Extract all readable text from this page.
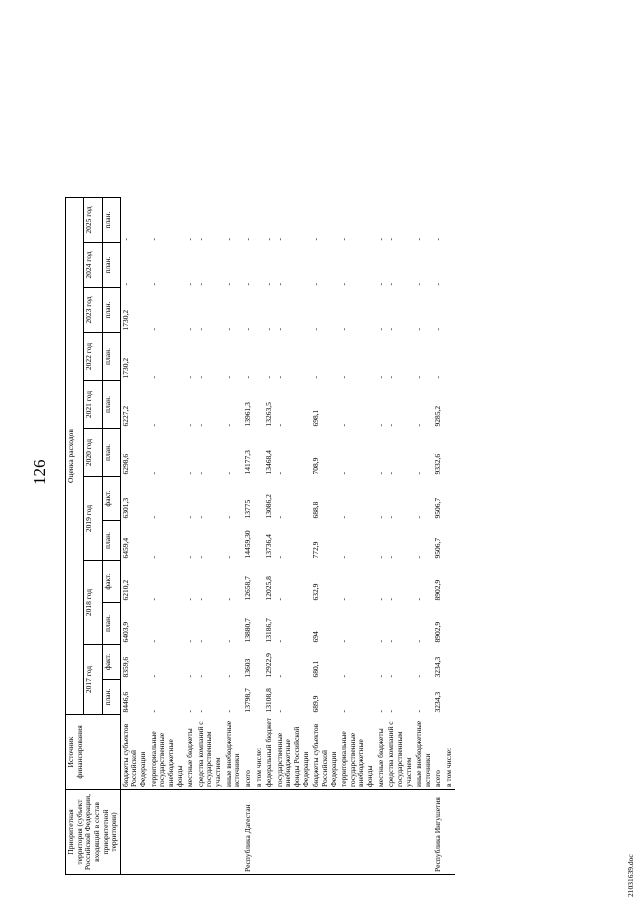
126
21031639.doc
Приоритетная территория (субъект Российской Федерации, входящий в состав приоритетной территории)	Источник финансирования	Оценка расходов											
		2017 год		2018 год		2019 год		2020 год	2021 год	2022 год	2023 год	2024 год	2025 год
		план.	факт.	план.	факт.	план.	факт.	план.	план.	план.	план.	план.	план.
	бюджеты субъектов Российской Федерации	8446,6	8359,6	6403,9	6210,2	6459,4	6301,3	6298,6	6227,2	1730,2	1730,2	-	-
	территориальные государственные внебюджетные фонды	-	-	-	-	-	-	-	-	-	-	-	-
	местные бюджеты	-	-	-	-	-	-	-	-	-	-	-	-
	средства компаний с государственным участием	-	-	-	-	-	-	-	-	-	-	-	-
	иные внебюджетные источники	-	-	-	-	-	-	-	-	-	-	-	-
Республика Дагестан	всего	13798,7	13603	13880,7	12658,7	14459,30	13775	14177,3	13961,3	-	-	-	-
	в том числе:												
	федеральный бюджет	13108,8	12922,9	13186,7	12025,8	13736,4	13086,2	13468,4	13263,5	-	-	-	-
	государственные внебюджетные фонды Российской Федерации	-	-	-	-	-	-	-	-	-	-	-	-
	бюджеты субъектов Российской Федерации	689,9	680,1	694	632,9	772,9	688,8	708,9	698,1	-	-	-	-
	территориальные государственные внебюджетные фонды	-	-	-	-	-	-	-	-	-	-	-	-
	местные бюджеты	-	-	-	-	-	-	-	-	-	-	-	-
	средства компаний с государственным участием	-	-	-	-	-	-	-	-	-	-	-	-
	иные внебюджетные источники	-	-	-	-	-	-	-	-	-	-	-	-
Республика Ингушетия	всего	3234,3	3234,3	8902,9	8902,9	9506,7	9506,7	9332,6	9285,2	-	-	-	-
	в том числе:												
